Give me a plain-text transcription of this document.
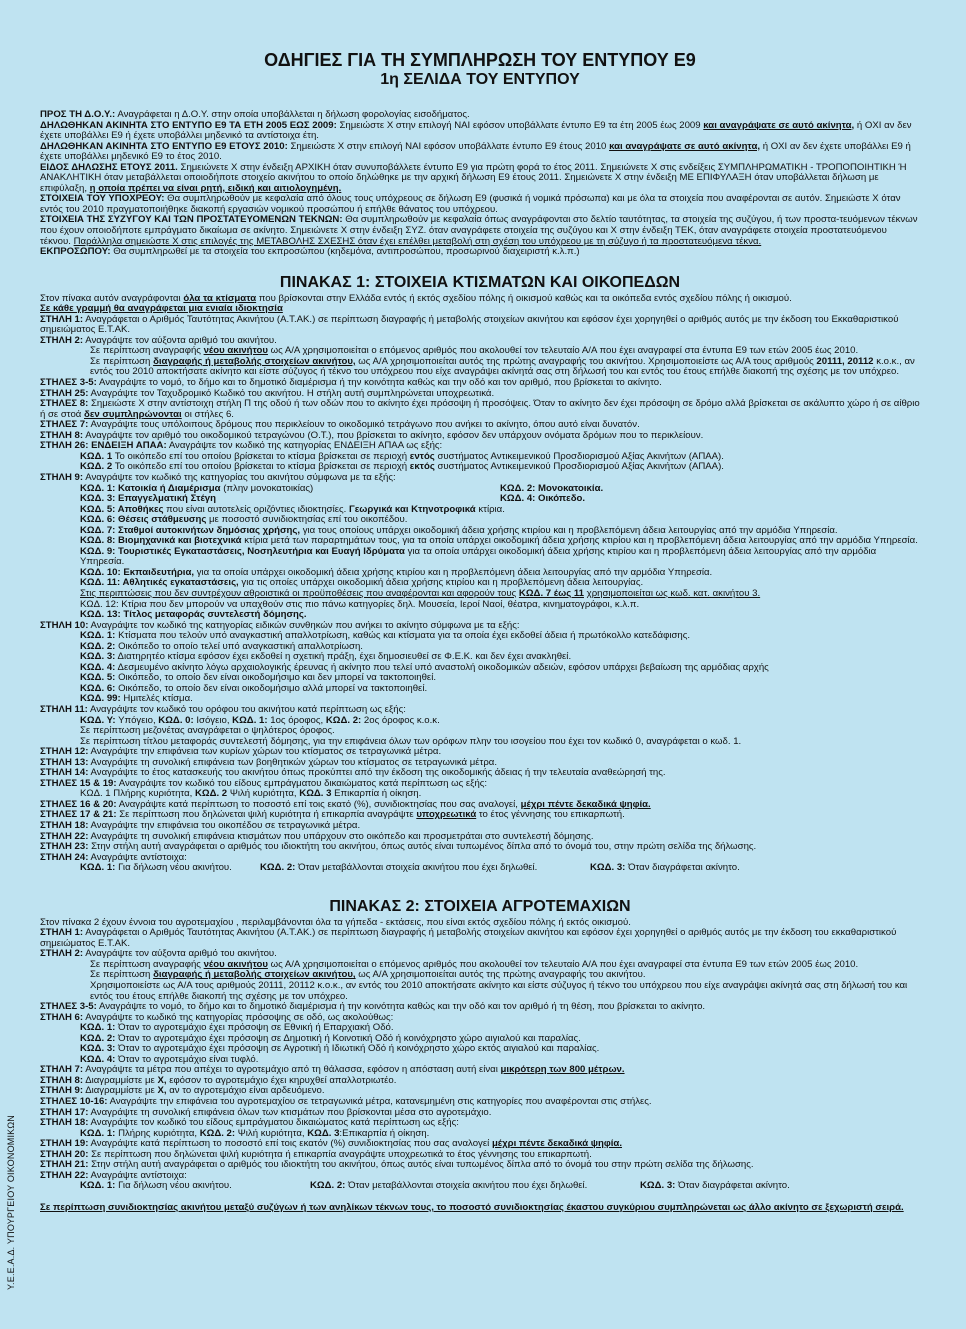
Υ.Ε.Ε.Α.Δ. ΥΠΟΥΡΓΕΙΟΥ ΟΙΚΟΝΟΜΙΚΩΝ
ΟΔΗΓΙΕΣ ΓΙΑ ΤΗ ΣΥΜΠΛΗΡΩΣΗ ΤΟΥ ΕΝΤΥΠΟΥ Ε9
1η ΣΕΛΙΔΑ ΤΟΥ ΕΝΤΥΠΟΥ

ΠΡΟΣ ΤΗ Δ.Ο.Υ.: Αναγράφεται η Δ.Ο.Υ. στην οποία υποβάλλεται η δήλωση φορολογίας εισοδήματος.

ΔΗΛΩΘΗΚΑΝ ΑΚΙΝΗΤΑ ΣΤΟ ΕΝΤΥΠΟ Ε9 ΤΑ ΕΤΗ 2005 ΕΩΣ 2009: Σημειώστε Χ στην επιλογή ΝΑΙ εφόσον υποβάλλατε έντυπο Ε9 τα έτη 2005 έως 2009 και αναγράψατε σε αυτό ακίνητα, ή ΟΧΙ αν δεν έχετε υποβάλλει Ε9 ή έχετε υποβάλλει μηδενικό τα αντίστοιχα έτη.

ΔΗΛΩΘΗΚΑΝ ΑΚΙΝΗΤΑ ΣΤΟ ΕΝΤΥΠΟ Ε9 ΕΤΟΥΣ 2010: Σημειώστε Χ στην επιλογή ΝΑΙ εφόσον υποβάλλατε έντυπο Ε9 έτους 2010 και αναγράψατε σε αυτό ακίνητα, ή ΟΧΙ αν δεν έχετε υποβάλλει Ε9 ή έχετε υποβάλλει μηδενικό Ε9 το έτος 2010.

ΕΙΔΟΣ ΔΗΛΩΣΗΣ ΕΤΟΥΣ 2011. Σημειώνετε Χ στην ένδειξη ΑΡΧΙΚΗ όταν συνυποβάλλετε έντυπο Ε9 για πρώτη φορά το έτος 2011. Σημειώνετε Χ στις ενδείξεις ΣΥΜΠΛΗΡΩΜΑΤΙΚΗ - ΤΡΟΠΟΠΟΙΗΤΙΚΗ Ή ΑΝΑΚΛΗΤΙΚΗ όταν μεταβάλλεται οποιοδήποτε στοιχείο ακινήτου το οποίο δηλώθηκε με την αρχική δήλωση Ε9 έτους 2011. Σημειώνετε Χ στην ένδειξη ΜΕ ΕΠΙΦΥΛΑΞΗ όταν υποβάλλεται δήλωση με επιφύλαξη, η οποία πρέπει να είναι ρητή, ειδική και αιτιολογημένη.

ΣΤΟΙΧΕΙΑ ΤΟΥ ΥΠΟΧΡΕΟΥ: Θα συμπληρωθούν με κεφαλαία από όλους τους υπόχρεους σε δήλωση Ε9 (φυσικά ή νομικά πρόσωπα) και με όλα τα στοιχεία που αναφέρονται σε αυτόν. Σημειώστε Χ όταν εντός του 2010 πραγματοποιήθηκε διακοπή εργασιών νομικού προσώπου ή επήλθε θάνατος του υπόχρεου.

ΣΤΟΙΧΕΙΑ ΤΗΣ ΣΥΖΥΓΟΥ ΚΑΙ ΤΩΝ ΠΡΟΣΤΑΤΕΥΟΜΕΝΩΝ ΤΕΚΝΩΝ: Θα συμπληρωθούν με κεφαλαία όπως αναγράφονται στο δελτίο ταυτότητας, τα στοιχεία της συζύγου, ή των προστα-τευόμενων τέκνων που έχουν οποιοδήποτε εμπράγματο δικαίωμα σε ακίνητο. Σημειώνετε Χ στην ένδειξη ΣΥΖ. όταν αναγράφετε στοιχεία της συζύγου και Χ στην ένδειξη ΤΕΚ, όταν αναγράφετε στοιχεία προστατευόμενου τέκνου. Παράλληλα σημειώστε Χ στις επιλογές της ΜΕΤΑΒΟΛΗΣ ΣΧΕΣΗΣ όταν έχει επέλθει μεταβολή στη σχέση του υπόχρεου με τη σύζυγο ή τα προστατευόμενα τέκνα.

ΕΚΠΡΟΣΩΠΟΥ: Θα συμπληρωθεί με τα στοιχεία του εκπροσώπου (κηδεμόνα, αντιπροσώπου, προσωρινού διαχειριστή κ.λ.π.)

ΠΙΝΑΚΑΣ 1: ΣΤΟΙΧΕΙΑ ΚΤΙΣΜΑΤΩΝ ΚΑΙ ΟΙΚΟΠΕΔΩΝ

Στον πίνακα αυτόν αναγράφονται όλα τα κτίσματα που βρίσκονται στην Ελλάδα εντός ή εκτός σχεδίου πόλης ή οικισμού καθώς και τα οικόπεδα εντός σχεδίου πόλης ή οικισμού.

Σε κάθε γραμμή θα αναγράφεται μια ενιαία ιδιοκτησία

ΣΤΗΛΗ 1: Αναγράφεται ο Αριθμός Ταυτότητας Ακινήτου (Α.Τ.ΑΚ.) σε περίπτωση διαγραφής ή μεταβολής στοιχείων ακινήτου και εφόσον έχει χορηγηθεί ο αριθμός αυτός με την έκδοση του Εκκαθαριστικού σημειώματος Ε.Τ.ΑΚ.

ΣΤΗΛΗ 2: Αναγράψτε τον αύξοντα αριθμό του ακινήτου.

Σε περίπτωση αναγραφής νέου ακινήτου ως Α/Α χρησιμοποιείται ο επόμενος αριθμός που ακολουθεί τον τελευταίο Α/Α που έχει αναγραφεί στα έντυπα Ε9 των ετών 2005 έως 2010.

Σε περίπτωση διαγραφής ή μεταβολής στοιχείων ακινήτου, ως Α/Α χρησιμοποιείται αυτός της πρώτης αναγραφής του ακινήτου. Χρησιμοποιείστε ως Α/Α τους αριθμούς 20111, 20112 κ.ο.κ., αν εντός του 2010 αποκτήσατε ακίνητο και είστε σύζυγος ή τέκνο του υπόχρεου που είχε αναγράψει ακίνητά σας στη δήλωσή του και εντός του έτους επήλθε διακοπή της σχέσης με τον υπόχρεο.

ΣΤΗΛΕΣ 3-5: Αναγράψτε το νομό, το δήμο και το δημοτικό διαμέρισμα ή την κοινότητα καθώς και την οδό και τον αριθμό, που βρίσκεται το ακίνητο.

ΣΤΗΛΗ 25: Αναγράψτε τον Ταχυδρομικό Κωδικό του ακινήτου. Η στήλη αυτή συμπληρώνεται υποχρεωτικά.

ΣΤΗΛΕΣ 8: Σημειώστε Χ στην αντίστοιχη στήλη Π της οδού ή των οδών που το ακίνητο έχει πρόσοψη ή προσόψεις. Όταν το ακίνητο δεν έχει πρόσοψη σε δρόμο αλλά βρίσκεται σε ακάλυπτο χώρο ή σε αίθριο ή σε στοά δεν συμπληρώνονται οι στήλες 6.

ΣΤΗΛΕΣ 7: Αναγράψτε τους υπόλοιπους δρόμους που περικλείουν το οικοδομικό τετράγωνο που ανήκει το ακίνητο, όπου αυτό είναι δυνατόν.

ΣΤΗΛΗ 8: Αναγράψτε τον αριθμό του οικοδομικού τετραγώνου (Ο.Τ.), που βρίσκεται το ακίνητο, εφόσον δεν υπάρχουν ονόματα δρόμων που το περικλείουν.

ΣΤΗΛΗ 26: ΕΝΔΕΙΞΗ ΑΠΑΑ: Αναγράψτε τον κωδικό της κατηγορίας ΕΝΔΕΙΞΗ ΑΠΑΑ ως εξής:

ΚΩΔ. 1 Το οικόπεδο επί του οποίου βρίσκεται το κτίσμα βρίσκεται σε περιοχή εντός συστήματος Αντικειμενικού Προσδιορισμού Αξίας Ακινήτων (ΑΠΑΑ).

ΚΩΔ. 2 Το οικόπεδο επί του οποίου βρίσκεται το κτίσμα βρίσκεται σε περιοχή εκτός συστήματος Αντικειμενικού Προσδιορισμού Αξίας Ακινήτων (ΑΠΑΑ).

ΣΤΗΛΗ 9: Αναγράψτε τον κωδικό της κατηγορίας του ακινήτου σύμφωνα με τα εξής:

ΚΩΔ. 1: Κατοικία ή Διαμέρισμα (πλην μονοκατοικίας)	ΚΩΔ. 2: Μονοκατοικία.

ΚΩΔ. 3: Επαγγελματική Στέγη	ΚΩΔ. 4: Οικόπεδο.

ΚΩΔ. 5: Αποθήκες που είναι αυτοτελείς οριζόντιες ιδιοκτησίες. Γεωργικά και Κτηνοτροφικά κτίρια.

ΚΩΔ. 6: Θέσεις στάθμευσης με ποσοστό συνιδιοκτησίας επί του οικοπέδου.

ΚΩΔ. 7: Σταθμοί αυτοκινήτων δημόσιας χρήσης, για τους οποίους υπάρχει οικοδομική άδεια χρήσης κτιρίου και η προβλεπόμενη άδεια λειτουργίας από την αρμόδια Υπηρεσία.

ΚΩΔ. 8: Βιομηχανικά και βιοτεχνικά κτίρια μετά των παραρτημάτων τους, για τα οποία υπάρχει οικοδομική άδεια χρήσης κτιρίου και η προβλεπόμενη άδεια λειτουργίας από την αρμόδια Υπηρεσία.

ΚΩΔ. 9: Τουριστικές Εγκαταστάσεις, Νοσηλευτήρια και Ευαγή Ιδρύματα για τα οποία υπάρχει οικοδομική άδεια χρήσης κτιρίου και η προβλεπόμενη άδεια λειτουργίας από την αρμόδια Υπηρεσία.

ΚΩΔ. 10: Εκπαιδευτήρια, για τα οποία υπάρχει οικοδομική άδεια χρήσης κτιρίου και η προβλεπόμενη άδεια λειτουργίας από την αρμόδια Υπηρεσία.

ΚΩΔ. 11: Αθλητικές εγκαταστάσεις, για τις οποίες υπάρχει οικοδομική άδεια χρήσης κτιρίου και η προβλεπόμενη άδεια λειτουργίας.

Στις περιπτώσεις που δεν συντρέχουν αθροιστικά οι προϋποθέσεις που αναφέρονται και αφορούν τους ΚΩΔ. 7 έως 11 χρησιμοποιείται ως κωδ. κατ. ακινήτου 3.

ΚΩΔ. 12: Κτίρια που δεν μπορούν να υπαχθούν στις πιο πάνω κατηγορίες δηλ. Μουσεία, Ιεροί Ναοί, θέατρα, κινηματογράφοι, κ.λ.π.

ΚΩΔ. 13: Τίτλος μεταφοράς συντελεστή δόμησης.

ΣΤΗΛΗ 10: Αναγράψτε τον κωδικό της κατηγορίας ειδικών συνθηκών που ανήκει το ακίνητο σύμφωνα με τα εξής:

ΚΩΔ. 1: Κτίσματα που τελούν υπό αναγκαστική απαλλοτρίωση, καθώς και κτίσματα για τα οποία έχει εκδοθεί άδεια ή πρωτόκολλο κατεδάφισης.

ΚΩΔ. 2: Οικόπεδο το οποίο τελεί υπό αναγκαστική απαλλοτρίωση.

ΚΩΔ. 3: Διατηρητέο κτίσμα εφόσον έχει εκδοθεί η σχετική πράξη, έχει δημοσιευθεί σε Φ.Ε.Κ. και δεν έχει ανακληθεί.

ΚΩΔ. 4: Δεσμευμένο ακίνητο λόγω αρχαιολογικής έρευνας ή ακίνητο που τελεί υπό αναστολή οικοδομικών αδειών, εφόσον υπάρχει βεβαίωση της αρμόδιας αρχής

ΚΩΔ. 5: Οικόπεδο, το οποίο δεν είναι οικοδομήσιμο και δεν μπορεί να τακτοποιηθεί.

ΚΩΔ. 6: Οικόπεδο, το οποίο δεν είναι οικοδομήσιμο αλλά μπορεί να τακτοποιηθεί.

ΚΩΔ. 99: Ημιτελές κτίσμα.

ΣΤΗΛΗ 11: Αναγράψτε τον κωδικό του ορόφου του ακινήτου κατά περίπτωση ως εξής:

ΚΩΔ. Υ: Υπόγειο, ΚΩΔ. 0: Ισόγειο, ΚΩΔ. 1: 1ος όροφος, ΚΩΔ. 2: 2ος όροφος κ.ο.κ.

Σε περίπτωση μεζονέτας αναγράφεται ο ψηλότερος όροφος.

Σε περίπτωση τίτλου μεταφοράς συντελεστή δόμησης, για την επιφάνεια όλων των ορόφων πλην του ισογείου που έχει τον κωδικό 0, αναγράφεται ο κωδ. 1.

ΣΤΗΛΗ 12: Αναγράψτε την επιφάνεια των κυρίων χώρων του κτίσματος σε τετραγωνικά μέτρα.

ΣΤΗΛΗ 13: Αναγράψτε τη συνολική επιφάνεια των βοηθητικών χώρων του κτίσματος σε τετραγωνικά μέτρα.

ΣΤΗΛΗ 14: Αναγράψτε το έτος κατασκευής του ακινήτου όπως προκύπτει από την έκδοση της οικοδομικής άδειας ή την τελευταία αναθεώρησή της.

ΣΤΗΛΕΣ 15 & 19: Αναγράψτε τον κωδικό του είδους εμπράγματου δικαιώματος κατά περίπτωση ως εξής:

ΚΩΔ. 1 Πλήρης κυριότητα, ΚΩΔ. 2 Ψιλή κυριότητα, ΚΩΔ. 3 Επικαρπία ή οίκηση.

ΣΤΗΛΕΣ 16 & 20: Αναγράψτε κατά περίπτωση το ποσοστό επί τοις εκατό (%), συνιδιοκτησίας που σας αναλογεί, μέχρι πέντε δεκαδικά ψηφία.

ΣΤΗΛΕΣ 17 & 21: Σε περίπτωση που δηλώνεται ψιλή κυριότητα ή επικαρπία αναγράψτε υποχρεωτικά το έτος γέννησης του επικαρπωτή.

ΣΤΗΛΗ 18: Αναγράψτε την επιφάνεια του οικοπέδου σε τετραγωνικά μέτρα.

ΣΤΗΛΗ 22: Αναγράψτε τη συνολική επιφάνεια κτισμάτων που υπάρχουν στο οικόπεδο και προσμετράται στο συντελεστή δόμησης.

ΣΤΗΛΗ 23: Στην στήλη αυτή αναγράφεται ο αριθμός του ιδιοκτήτη του ακινήτου, όπως αυτός είναι τυπωμένος δίπλα από το όνομά του, στην πρώτη σελίδα της δήλωσης.

ΣΤΗΛΗ 24: Αναγράψτε αντίστοιχα:

ΚΩΔ. 1: Για δήλωση νέου ακινήτου.	ΚΩΔ. 2: Όταν μεταβάλλονται στοιχεία ακινήτου που έχει δηλωθεί.	ΚΩΔ. 3: Όταν διαγράφεται ακίνητο.

ΠΙΝΑΚΑΣ 2: ΣΤΟΙΧΕΙΑ ΑΓΡΟΤΕΜΑΧΙΩΝ

Στον πίνακα 2 έχουν έννοια του αγροτεμαχίου , περιλαμβάνονται όλα τα γήπεδα - εκτάσεις, που είναι εκτός σχεδίου πόλης ή εκτός οικισμού.

ΣΤΗΛΗ 1: Αναγράφεται ο Αριθμός Ταυτότητας Ακινήτου (Α.Τ.ΑΚ.) σε περίπτωση διαγραφής ή μεταβολής στοιχείων ακινήτου και εφόσον έχει χορηγηθεί ο αριθμός αυτός με την έκδοση του εκκαθαριστικού σημειώματος Ε.Τ.ΑΚ.

ΣΤΗΛΗ 2: Αναγράψτε τον αύξοντα αριθμό του ακινήτου.

Σε περίπτωση αναγραφής νέου ακινήτου ως Α/Α χρησιμοποιείται ο επόμενος αριθμός που ακολουθεί τον τελευταίο Α/Α που έχει αναγραφεί στα έντυπα Ε9 των ετών 2005 έως 2010.

Σε περίπτωση διαγραφής ή μεταβολής στοιχείων ακινήτου, ως Α/Α χρησιμοποιείται αυτός της πρώτης αναγραφής του ακινήτου.

Χρησιμοποιείστε ως Α/Α τους αριθμούς 20111, 20112 κ.ο.κ., αν εντός του 2010 αποκτήσατε ακίνητο και είστε σύζυγος ή τέκνο του υπόχρεου που είχε αναγράψει ακίνητά σας στη δήλωσή του και εντός του έτους επήλθε διακοπή της σχέσης με τον υπόχρεο.

ΣΤΗΛΕΣ 3-5: Αναγράψτε το νομό, το δήμο και το δημοτικό διαμέρισμα ή την κοινότητα καθώς και την οδό και τον αριθμό ή τη θέση, που βρίσκεται το ακίνητο.

ΣΤΗΛΗ 6: Αναγράψτε το κωδικό της κατηγορίας πρόσοψης σε οδό, ως ακολούθως:

ΚΩΔ. 1: Όταν το αγροτεμάχιο έχει πρόσοψη σε Εθνική ή Επαρχιακή Οδό.

ΚΩΔ. 2: Όταν το αγροτεμάχιο έχει πρόσοψη σε Δημοτική ή Κοινοτική Οδό ή κοινόχρηστο χώρο αιγιαλού και παραλίας.

ΚΩΔ. 3: Όταν το αγροτεμάχιο έχει πρόσοψη σε Αγροτική ή Ιδιωτική Οδό ή κοινόχρηστο χώρο εκτός αιγιαλού και παραλίας.

ΚΩΔ. 4: Όταν το αγροτεμάχιο είναι τυφλό.

ΣΤΗΛΗ 7: Αναγράψτε τα μέτρα που απέχει το αγροτεμάχιο από τη θάλασσα, εφόσον η απόσταση αυτή είναι μικρότερη των 800 μέτρων.

ΣΤΗΛΗ 8: Διαγραμμίστε με Χ, εφόσον το αγροτεμάχιο έχει κηρυχθεί απαλλοτριωτέο.

ΣΤΗΛΗ 9: Διαγραμμίστε με Χ, αν το αγροτεμάχιο είναι αρδευόμενο.

ΣΤΗΛΕΣ 10-16: Αναγράψτε την επιφάνεια του αγροτεμαχίου σε τετραγωνικά μέτρα, κατανεμημένη στις κατηγορίες που αναφέρονται στις στήλες.

ΣΤΗΛΗ 17: Αναγράψτε τη συνολική επιφάνεια όλων των κτισμάτων που βρίσκονται μέσα στο αγροτεμάχιο.

ΣΤΗΛΗ 18: Αναγράψτε τον κωδικό του είδους εμπράγματου δικαιώματος κατά περίπτωση ως εξής:

ΚΩΔ. 1: Πλήρης κυριότητα, ΚΩΔ. 2: Ψιλή κυριότητα, ΚΩΔ. 3:Επικαρπία ή οίκηση.

ΣΤΗΛΗ 19: Αναγράψτε κατά περίπτωση το ποσοστό επί τοις εκατόν (%) συνιδιοκτησίας που σας αναλογεί μέχρι πέντε δεκαδικά ψηφία.

ΣΤΗΛΗ 20: Σε περίπτωση που δηλώνεται ψιλή κυριότητα ή επικαρπία αναγράψτε υποχρεωτικά το έτος γέννησης του επικαρπωτή.

ΣΤΗΛΗ 21: Στην στήλη αυτή αναγράφεται ο αριθμός του ιδιοκτήτη του ακινήτου, όπως αυτός είναι τυπωμένος δίπλα από το όνομά του στην πρώτη σελίδα της δήλωσης.

ΣΤΗΛΗ 22: Αναγράψτε αντίστοιχα:

ΚΩΔ. 1: Για δήλωση νέου ακινήτου.	ΚΩΔ. 2: Όταν μεταβάλλονται στοιχεία ακινήτου που έχει δηλωθεί.	ΚΩΔ. 3: Όταν διαγράφεται ακίνητο.

Σε περίπτωση συνιδιοκτησίας ακινήτου μεταξύ συζύγων ή των ανηλίκων τέκνων τους, το ποσοστό συνιδιοκτησίας έκαστου συγκύριου συμπληρώνεται ως άλλο ακίνητο σε ξεχωριστή σειρά.
